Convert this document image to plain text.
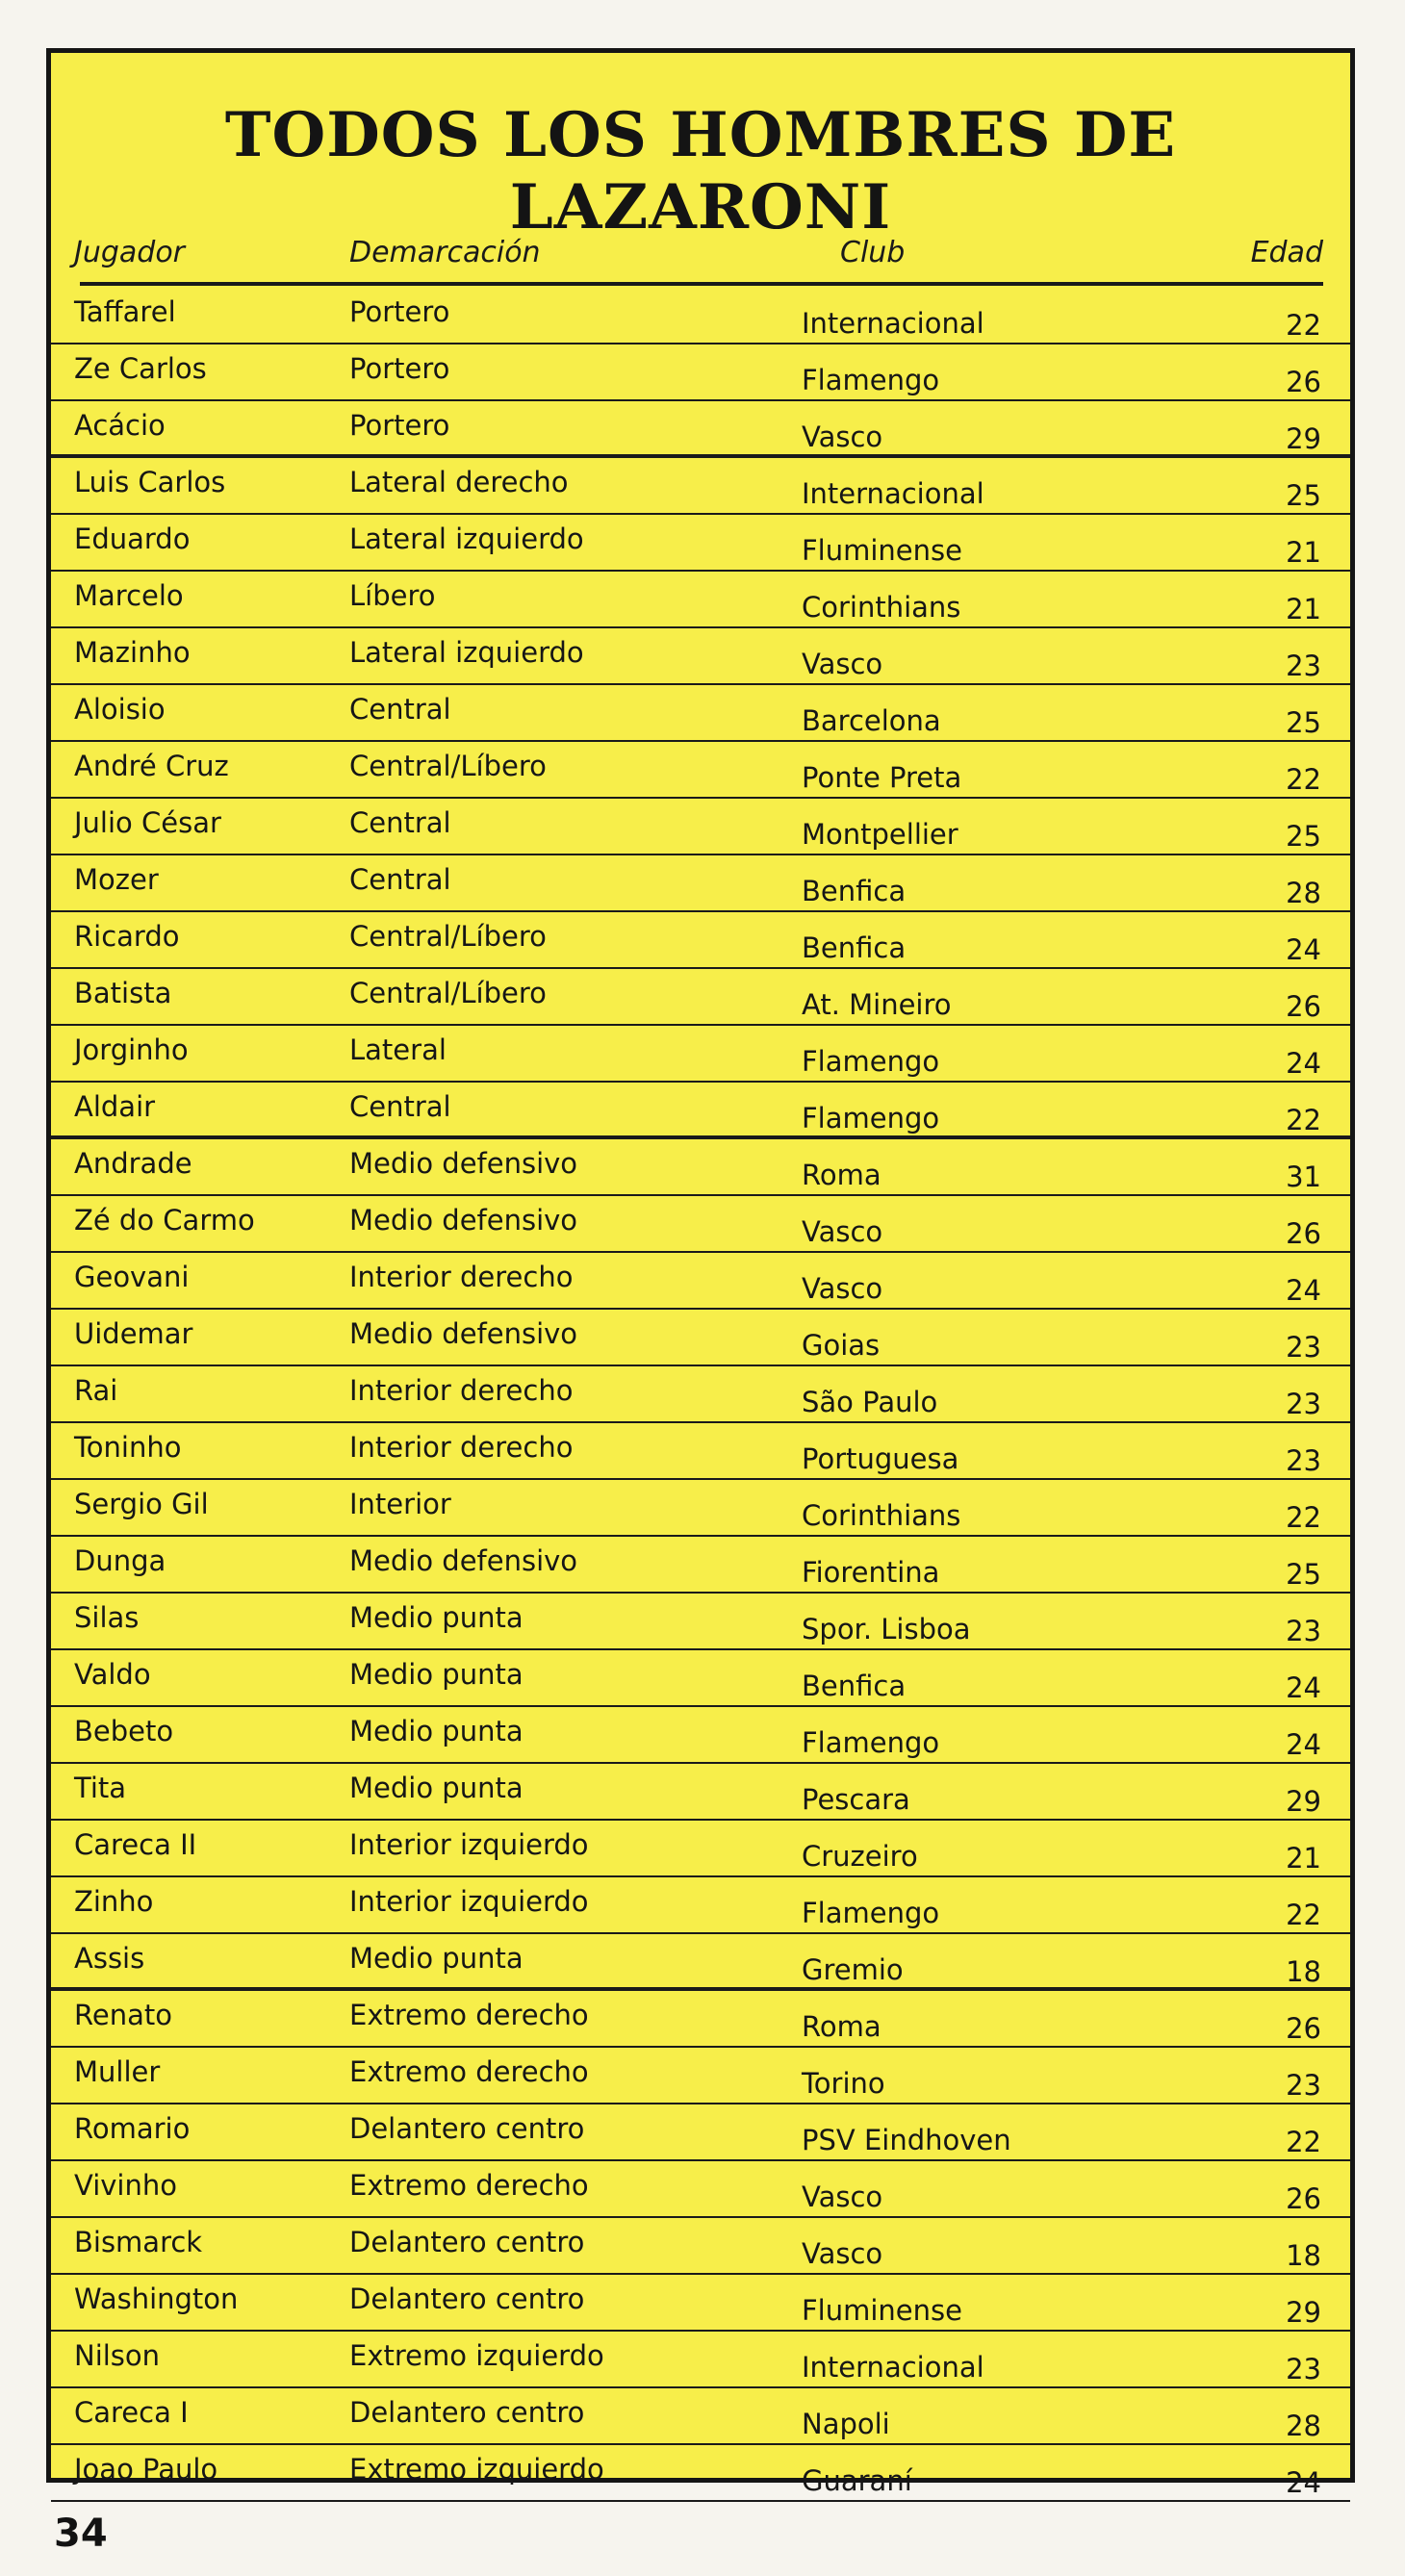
TODOS LOS HOMBRES DE LAZARONI
Jugador	Demarcación	Club	Edad
Taffarel	Portero	Internacional	22
Ze Carlos	Portero	Flamengo	26
Acácio	Portero	Vasco	29
Luis Carlos	Lateral derecho	Internacional	25
Eduardo	Lateral izquierdo	Fluminense	21
Marcelo	Líbero	Corinthians	21
Mazinho	Lateral izquierdo	Vasco	23
Aloisio	Central	Barcelona	25
André Cruz	Central/Líbero	Ponte Preta	22
Julio César	Central	Montpellier	25
Mozer	Central	Benfica	28
Ricardo	Central/Líbero	Benfica	24
Batista	Central/Líbero	At. Mineiro	26
Jorginho	Lateral	Flamengo	24
Aldair	Central	Flamengo	22
Andrade	Medio defensivo	Roma	31
Zé do Carmo	Medio defensivo	Vasco	26
Geovani	Interior derecho	Vasco	24
Uidemar	Medio defensivo	Goias	23
Rai	Interior derecho	São Paulo	23
Toninho	Interior derecho	Portuguesa	23
Sergio Gil	Interior	Corinthians	22
Dunga	Medio defensivo	Fiorentina	25
Silas	Medio punta	Spor. Lisboa	23
Valdo	Medio punta	Benfica	24
Bebeto	Medio punta	Flamengo	24
Tita	Medio punta	Pescara	29
Careca II	Interior izquierdo	Cruzeiro	21
Zinho	Interior izquierdo	Flamengo	22
Assis	Medio punta	Gremio	18
Renato	Extremo derecho	Roma	26
Muller	Extremo derecho	Torino	23
Romario	Delantero centro	PSV Eindhoven	22
Vivinho	Extremo derecho	Vasco	26
Bismarck	Delantero centro	Vasco	18
Washington	Delantero centro	Fluminense	29
Nilson	Extremo izquierdo	Internacional	23
Careca I	Delantero centro	Napoli	28
Joao Paulo	Extremo izquierdo	Guaraní	24
34
